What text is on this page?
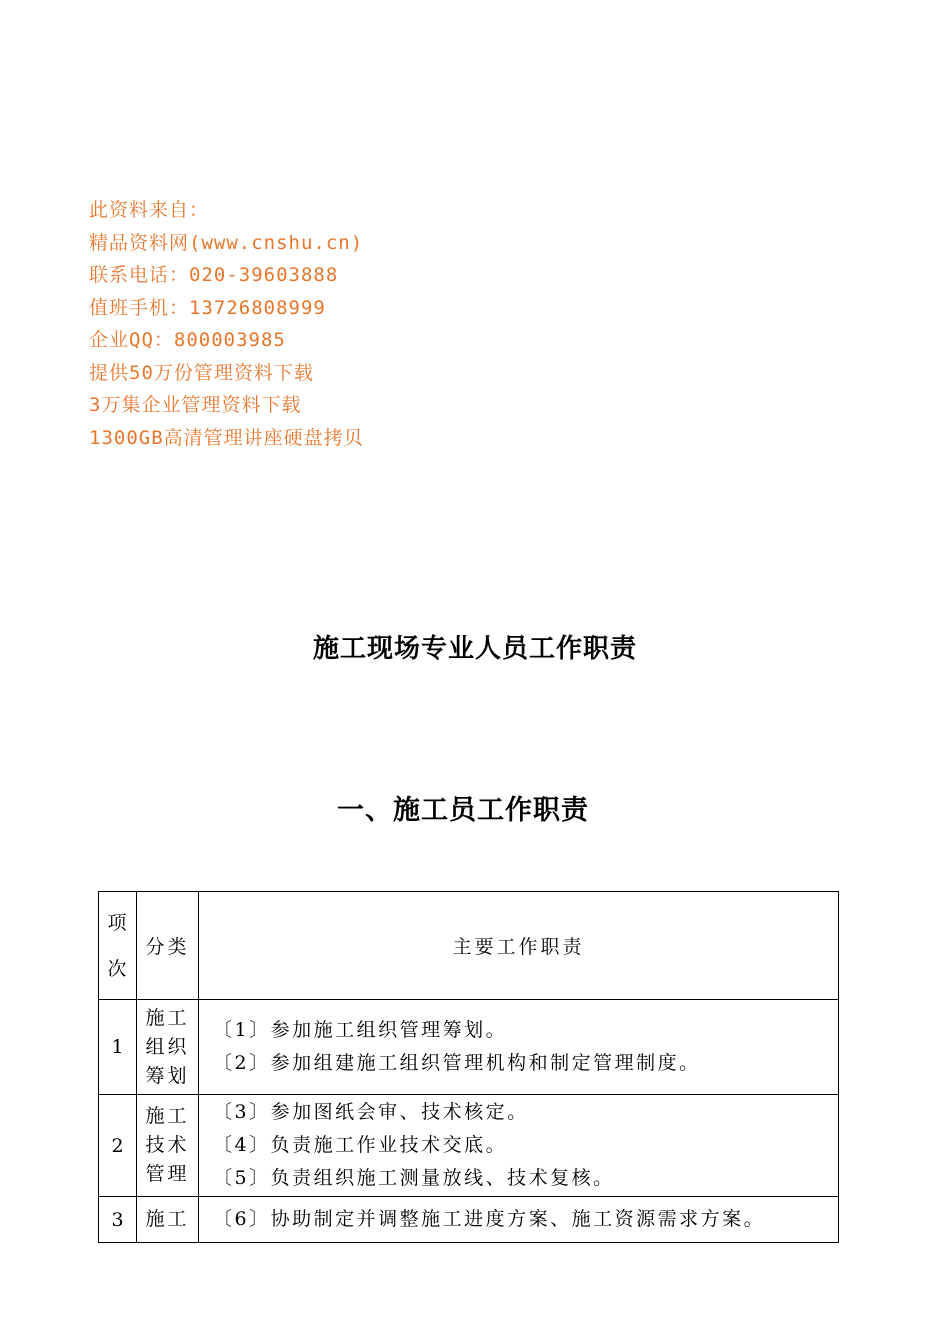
此资料来自：
精品资料网(www.cnshu.cn)
联系电话：020-39603888
值班手机：13726808999
企业QQ：800003985
提供50万份管理资料下载
3万集企业管理资料下载
1300GB高清管理讲座硬盘拷贝
施工现场专业人员工作职责
一、施工员工作职责
项
次	分类	主要工作职责
1	施工
组织
筹划	〔1〕参加施工组织管理筹划。
〔2〕参加组建施工组织管理机构和制定管理制度。

2	施工
技术
管理	〔3〕参加图纸会审、技术核定。
〔4〕负责施工作业技术交底。
〔5〕负责组织施工测量放线、技术复核。

3	施工	〔6〕协助制定并调整施工进度方案、施工资源需求方案。
